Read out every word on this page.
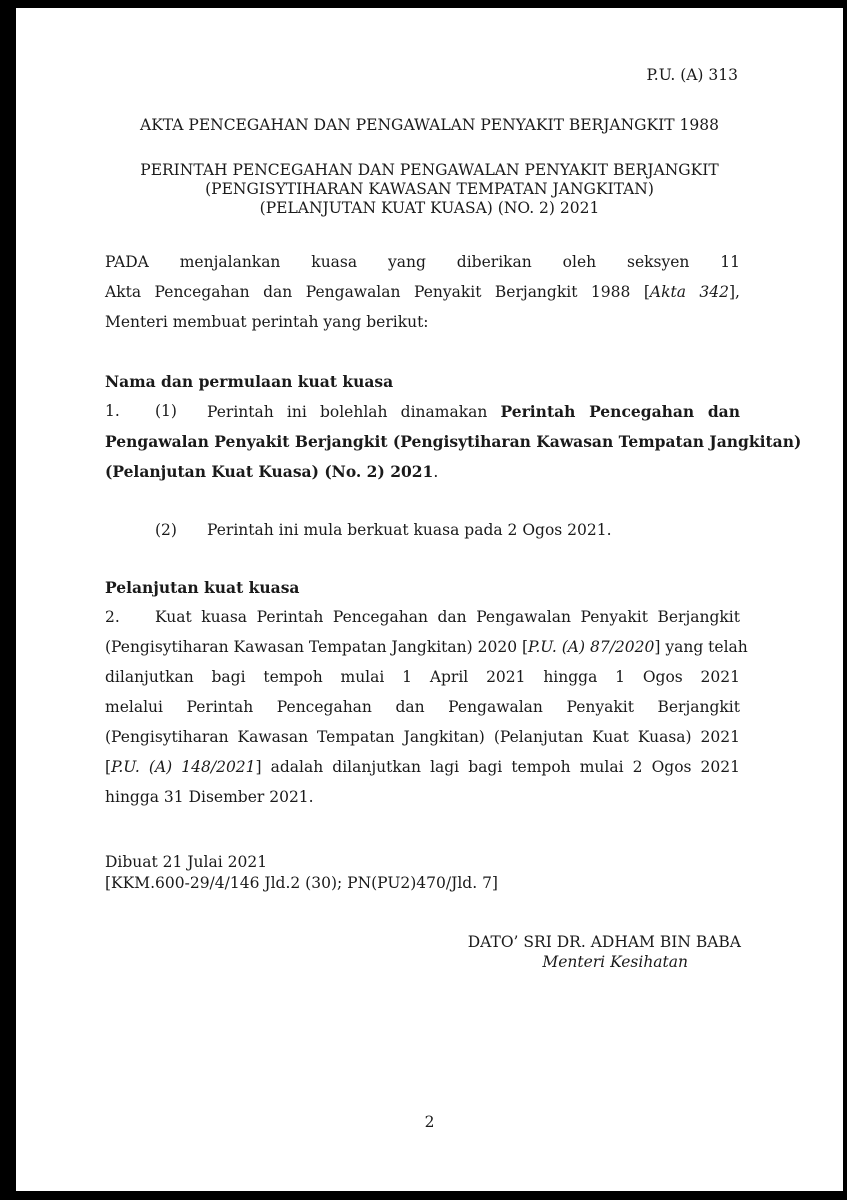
P.U. (A) 313
AKTA PENCEGAHAN DAN PENGAWALAN PENYAKIT BERJANGKIT 1988
PERINTAH PENCEGAHAN DAN PENGAWALAN PENYAKIT BERJANGKIT
(PENGISYTIHARAN KAWASAN TEMPATAN JANGKITAN)
(PELANJUTAN KUAT KUASA) (NO. 2) 2021
PADA menjalankan kuasa yang diberikan oleh seksyen 11
Akta Pencegahan dan Pengawalan Penyakit Berjangkit 1988 [Akta 342],
Menteri membuat perintah yang berikut:
Nama dan permulaan kuat kuasa
1.	(1)	Perintah ini bolehlah dinamakan Perintah Pencegahan dan
Pengawalan Penyakit Berjangkit (Pengisytiharan Kawasan Tempatan Jangkitan)
(Pelanjutan Kuat Kuasa) (No. 2) 2021.
(2)	Perintah ini mula berkuat kuasa pada 2 Ogos 2021.
Pelanjutan kuat kuasa
2.	Kuat kuasa Perintah Pencegahan dan Pengawalan Penyakit Berjangkit
(Pengisytiharan Kawasan Tempatan Jangkitan) 2020 [P.U. (A) 87/2020] yang telah
dilanjutkan bagi tempoh mulai 1 April 2021 hingga 1 Ogos 2021
melalui Perintah Pencegahan dan Pengawalan Penyakit Berjangkit
(Pengisytiharan Kawasan Tempatan Jangkitan) (Pelanjutan Kuat Kuasa) 2021
[P.U. (A) 148/2021] adalah dilanjutkan lagi bagi tempoh mulai 2 Ogos 2021
hingga 31 Disember 2021.
Dibuat 21 Julai 2021
[KKM.600-29/4/146 Jld.2 (30); PN(PU2)470/Jld. 7]
DATO’ SRI DR. ADHAM BIN BABA
Menteri Kesihatan
2
